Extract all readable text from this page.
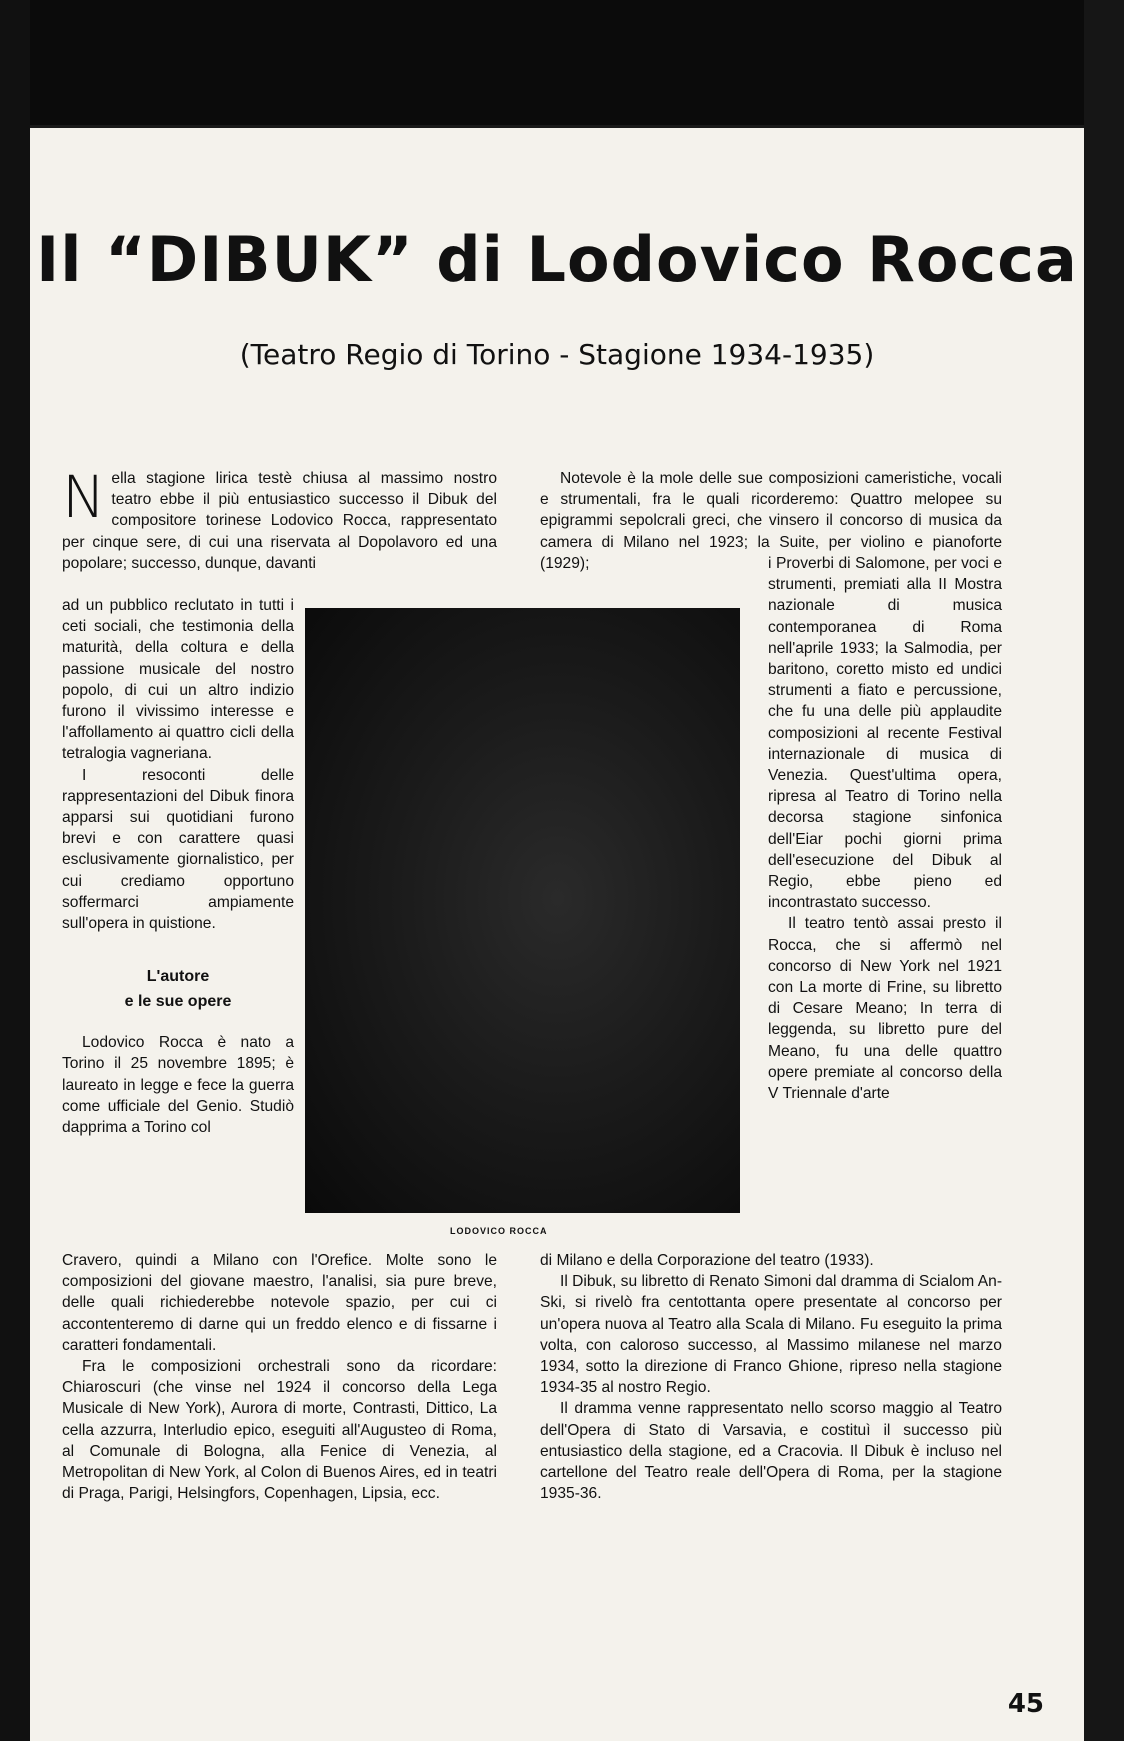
Il “DIBUK” di Lodovico Rocca
(Teatro Regio di Torino - Stagione 1934-1935)
N ella stagione lirica testè chiusa al massimo nostro teatro ebbe il più entusiastico successo il Dibuk del compositore torinese Lodovico Rocca, rappresentato per cinque sere, di cui una riservata al Dopolavoro ed una popolare; successo, dunque, davanti

ad un pubblico reclutato in tutti i ceti sociali, che testimonia della maturità, della coltura e della passione musicale del nostro popolo, di cui un altro indizio furono il vivissimo interesse e l'affollamento ai quattro cicli della tetralogia vagneriana.

I resoconti delle rappresentazioni del Dibuk finora apparsi sui quotidiani furono brevi e con carattere quasi esclusivamente giornalistico, per cui crediamo opportuno soffermarci ampiamente sull'opera in quistione.

L'autore
e le sue opere

Lodovico Rocca è nato a Torino il 25 novembre 1895; è laureato in legge e fece la guerra come ufficiale del Genio. Studiò dapprima a Torino col

Cravero, quindi a Milano con l'Orefice. Molte sono le composizioni del giovane maestro, l'analisi, sia pure breve, delle quali richiederebbe notevole spazio, per cui ci accontenteremo di darne qui un freddo elenco e di fissarne i caratteri fondamentali.

Fra le composizioni orchestrali sono da ricordare: Chiaroscuri (che vinse nel 1924 il concorso della Lega Musicale di New York), Aurora di morte, Contrasti, Dittico, La cella azzurra, Interludio epico, eseguiti all'Augusteo di Roma, al Comunale di Bologna, alla Fenice di Venezia, al Metropolitan di New York, al Colon di Buenos Aires, ed in teatri di Praga, Parigi, Helsingfors, Copenhagen, Lipsia, ecc.

LODOVICO ROCCA

Notevole è la mole delle sue composizioni cameristiche, vocali e strumentali, fra le quali ricorderemo: Quattro melopee su epigrammi sepolcrali greci, che vinsero il concorso di musica da camera di Milano nel 1923; la Suite, per violino e pianoforte (1929);	i Proverbi di Salomone, per voci e strumenti, premiati alla II Mostra nazionale di musica contemporanea di Roma nell'aprile 1933; la Salmodia, per baritono, coretto misto ed undici strumenti a fiato e percussione, che fu una delle più applaudite composizioni al recente Festival internazionale di musica di Venezia. Quest'ultima opera, ripresa al Teatro di Torino nella decorsa stagione sinfonica dell'Eiar pochi giorni prima dell'esecuzione del Dibuk al Regio, ebbe pieno ed incontrastato successo.

Il teatro tentò assai presto il Rocca, che si affermò nel concorso di New York nel 1921 con La morte di Frine, su libretto di Cesare Meano; In terra di leggenda, su libretto pure del Meano, fu una delle quattro opere premiate al concorso della V Triennale d'arte

di Milano e della Corporazione del teatro (1933).

Il Dibuk, su libretto di Renato Simoni dal dramma di Scialom An-Ski, si rivelò fra centottanta opere presentate al concorso per un'opera nuova al Teatro alla Scala di Milano. Fu eseguito la prima volta, con caloroso successo, al Massimo milanese nel marzo 1934, sotto la direzione di Franco Ghione, ripreso nella stagione 1934-35 al nostro Regio.

Il dramma venne rappresentato nello scorso maggio al Teatro dell'Opera di Stato di Varsavia, e costituì il successo più entusiastico della stagione, ed a Cracovia. Il Dibuk è incluso nel cartellone del Teatro reale dell'Opera di Roma, per la stagione 1935-36.

45
